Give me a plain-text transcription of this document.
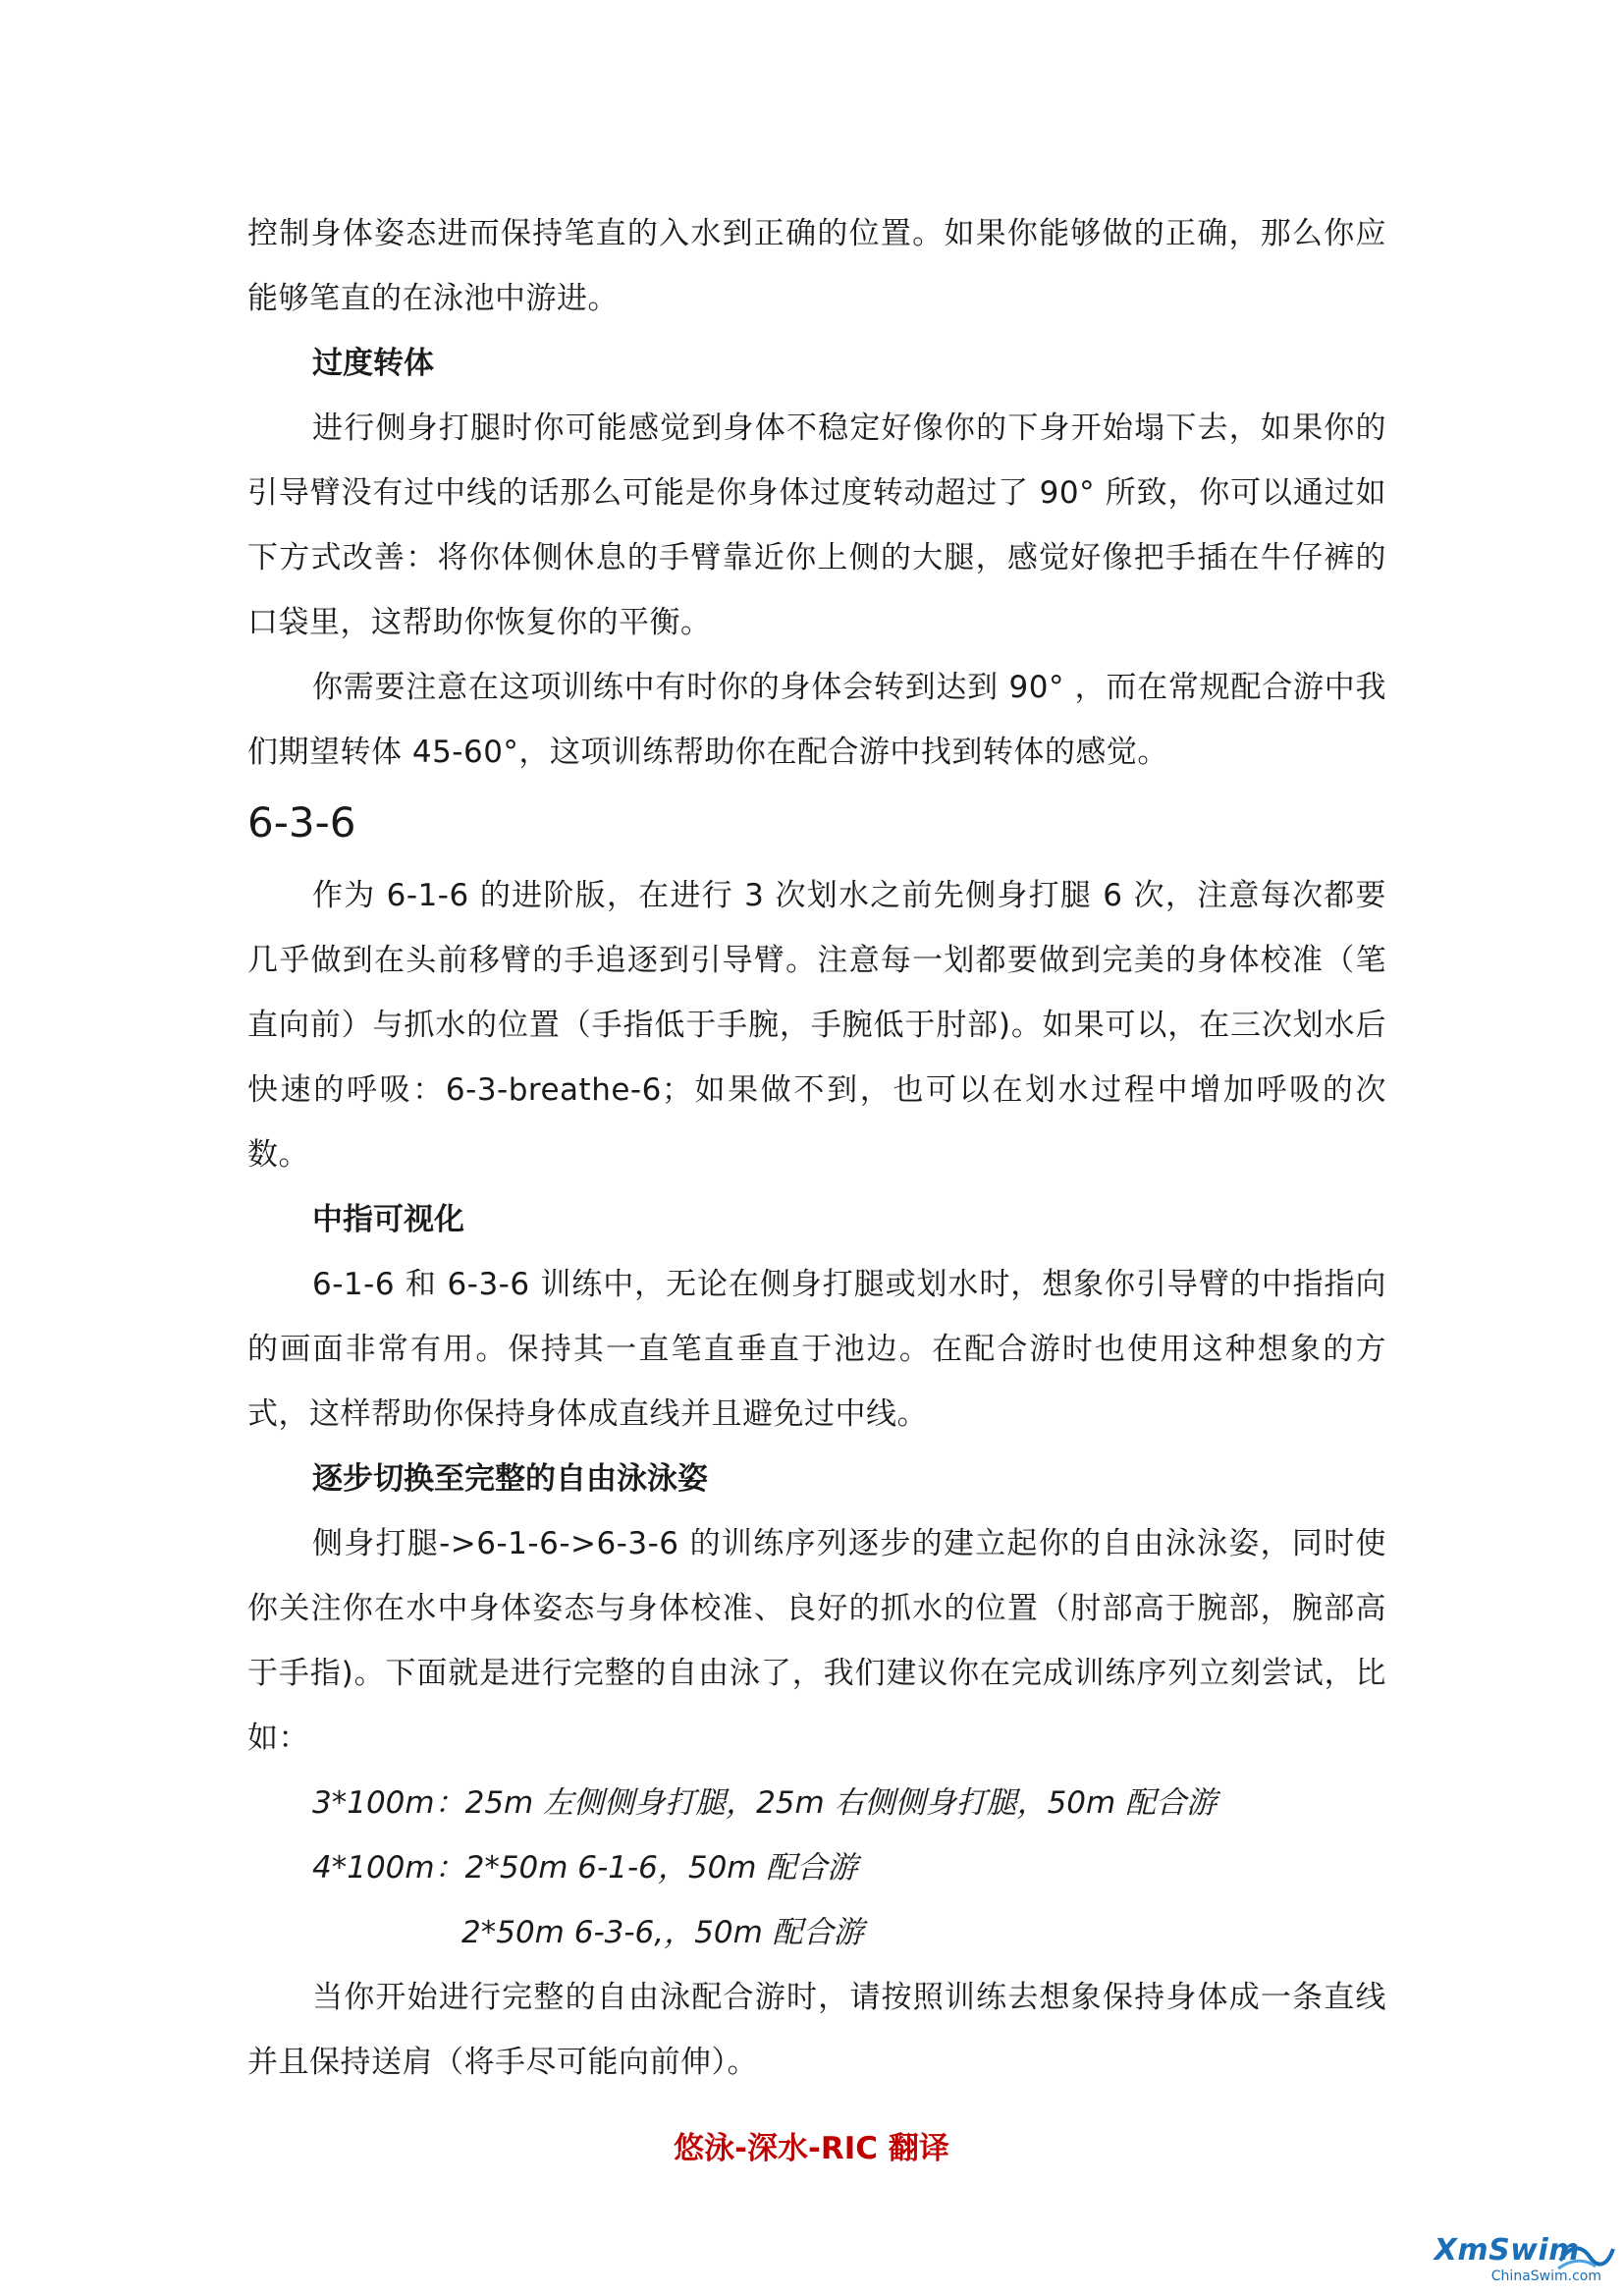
控制身体姿态进而保持笔直的入水到正确的位置。如果你能够做的正确，那么你应能够笔直的在泳池中游进。

过度转体

进行侧身打腿时你可能感觉到身体不稳定好像你的下身开始塌下去，如果你的引导臂没有过中线的话那么可能是你身体过度转动超过了 90° 所致，你可以通过如下方式改善：将你体侧休息的手臂靠近你上侧的大腿，感觉好像把手插在牛仔裤的口袋里，这帮助你恢复你的平衡。

你需要注意在这项训练中有时你的身体会转到达到 90° ，而在常规配合游中我们期望转体 45-60°，这项训练帮助你在配合游中找到转体的感觉。

6-3-6

作为 6-1-6 的进阶版，在进行 3 次划水之前先侧身打腿 6 次，注意每次都要几乎做到在头前移臂的手追逐到引导臂。注意每一划都要做到完美的身体校准（笔直向前）与抓水的位置（手指低于手腕，手腕低于肘部)。如果可以，在三次划水后快速的呼吸：6-3-breathe-6；如果做不到，也可以在划水过程中增加呼吸的次数。

中指可视化

6-1-6 和 6-3-6 训练中，无论在侧身打腿或划水时，想象你引导臂的中指指向的画面非常有用。保持其一直笔直垂直于池边。在配合游时也使用这种想象的方式，这样帮助你保持身体成直线并且避免过中线。

逐步切换至完整的自由泳泳姿

侧身打腿->6-1-6->6-3-6 的训练序列逐步的建立起你的自由泳泳姿，同时使你关注你在水中身体姿态与身体校准、良好的抓水的位置（肘部高于腕部，腕部高于手指)。下面就是进行完整的自由泳了，我们建议你在完成训练序列立刻尝试，比如：

3*100m：25m 左侧侧身打腿，25m 右侧侧身打腿，50m 配合游

4*100m：2*50m 6-1-6，50m 配合游

2*50m 6-3-6,，50m 配合游

当你开始进行完整的自由泳配合游时，请按照训练去想象保持身体成一条直线并且保持送肩（将手尽可能向前伸）。

悠泳-深水-RIC 翻译
XmSwim
ChinaSwim.com
